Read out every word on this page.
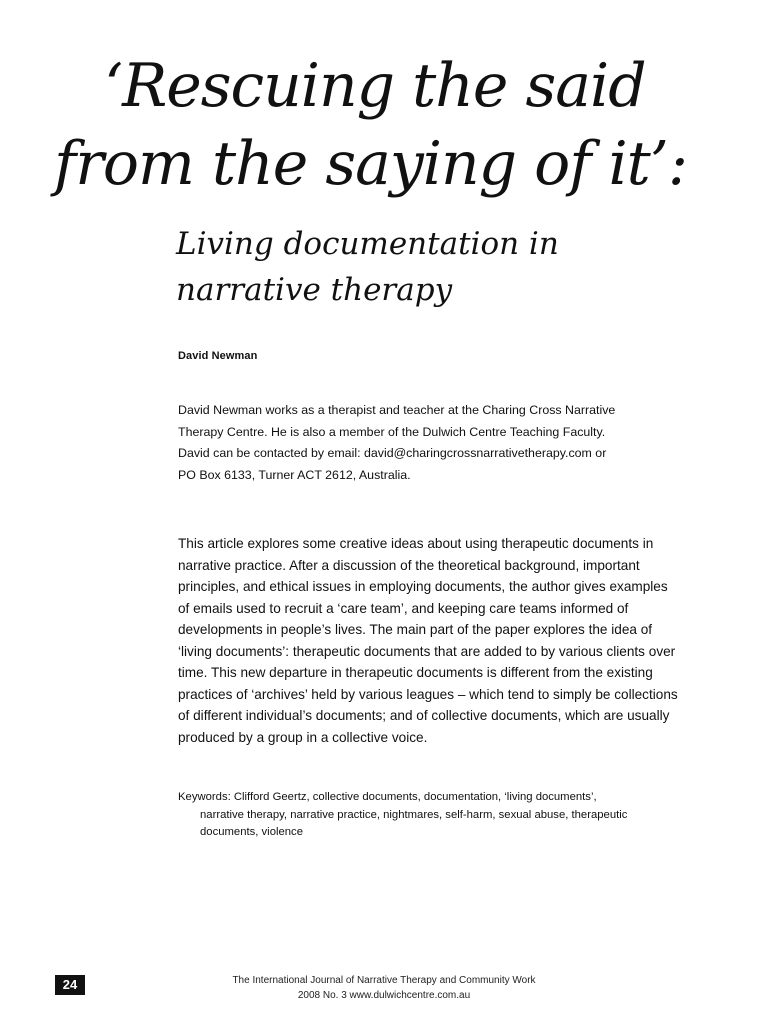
‘Rescuing the said
from the saying of it’:
Living documentation in
narrative therapy
David Newman
David Newman works as a therapist and teacher at the Charing Cross Narrative
Therapy Centre. He is also a member of the Dulwich Centre Teaching Faculty.
David can be contacted by email: david@charingcrossnarrativetherapy.com or
PO Box 6133, Turner ACT 2612, Australia.
This article explores some creative ideas about using therapeutic documents in
narrative practice. After a discussion of the theoretical background, important
principles, and ethical issues in employing documents, the author gives examples
of emails used to recruit a ‘care team’, and keeping care teams informed of
developments in people’s lives. The main part of the paper explores the idea of
‘living documents’: therapeutic documents that are added to by various clients over
time. This new departure in therapeutic documents is different from the existing
practices of ‘archives’ held by various leagues – which tend to simply be collections
of different individual’s documents; and of collective documents, which are usually
produced by a group in a collective voice.
Keywords: Clifford Geertz, collective documents, documentation, ‘living documents’,
narrative therapy, narrative practice, nightmares, self-harm, sexual abuse, therapeutic
documents, violence
24	The International Journal of Narrative Therapy and Community Work
2008 No. 3 www.dulwichcentre.com.au
